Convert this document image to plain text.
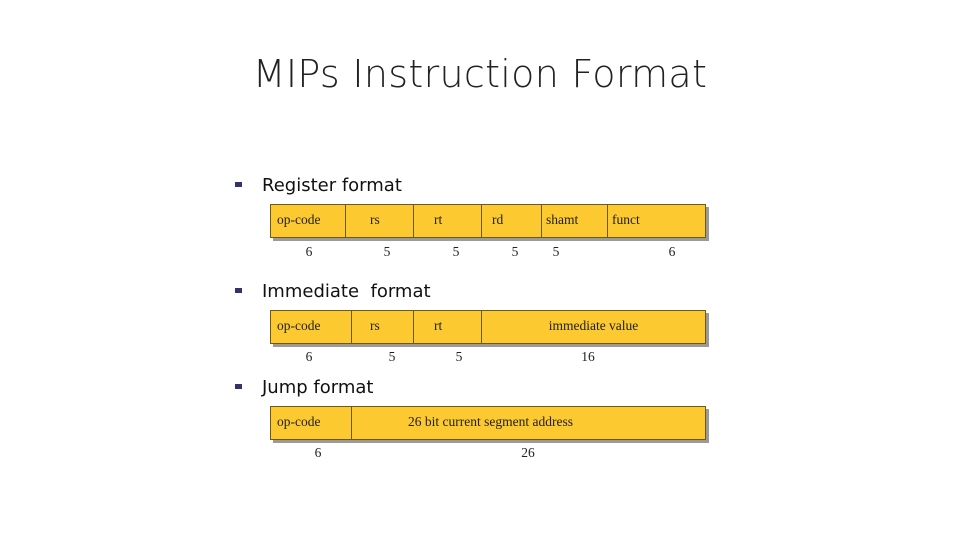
MIPs Instruction Format
Register format
op-code	rs	rt	rd	shamt	funct
6	5	5	5	5	6
Immediate  format
op-code	rs	rt	immediate value
6	5	5	16
Jump format
op-code	26 bit current segment address
6	26
